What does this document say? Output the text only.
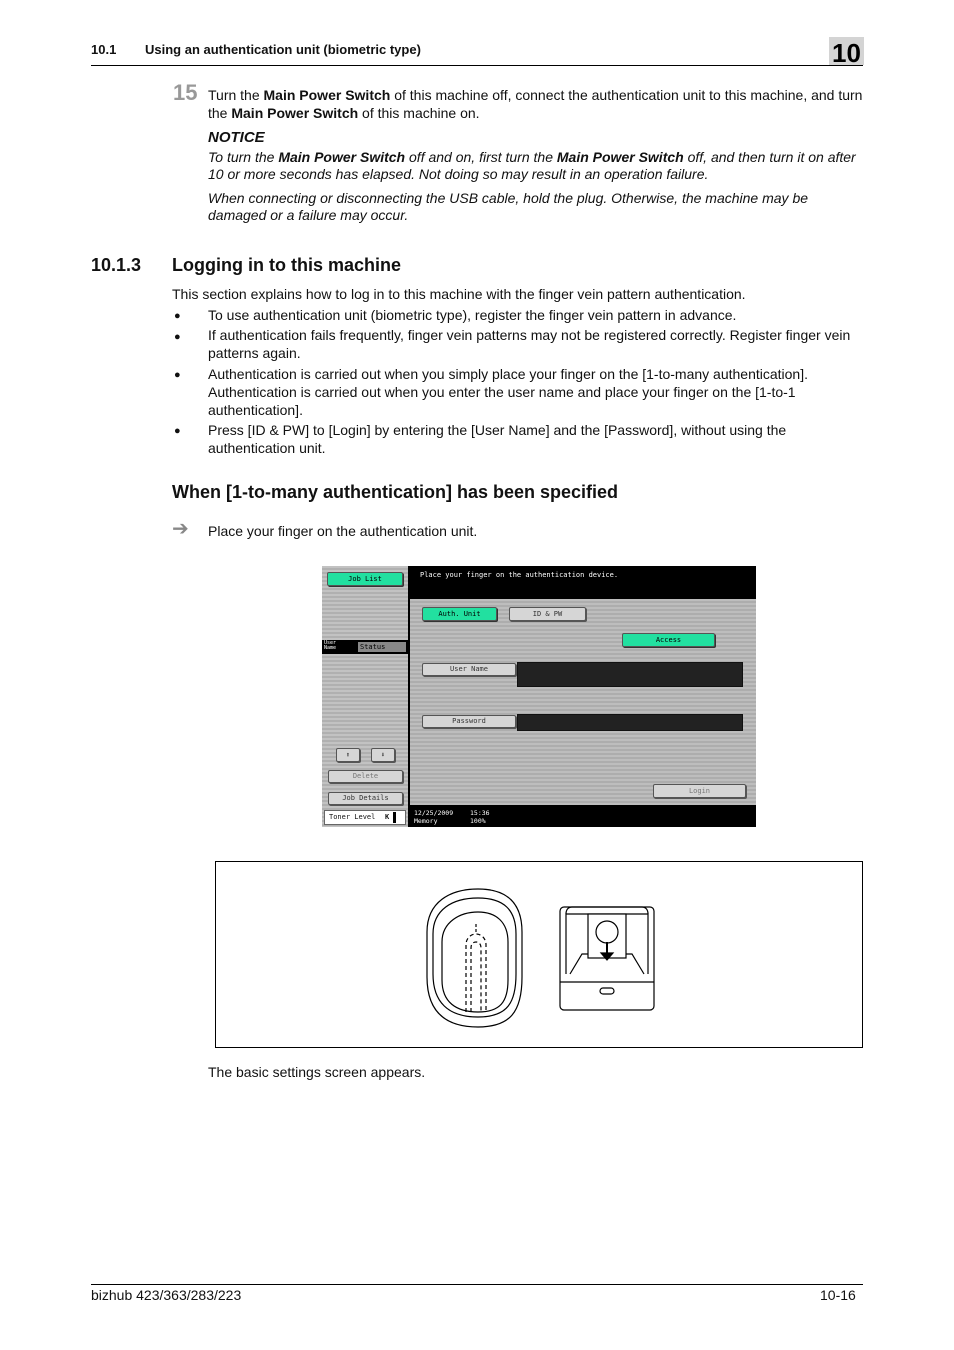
10.1 Using an authentication unit (biometric type)	10
15 Turn the Main Power Switch of this machine off, connect the authentication unit to this machine, and turn the Main Power Switch of this machine on.
NOTICE
To turn the Main Power Switch off and on, first turn the Main Power Switch off, and then turn it on after 10 or more seconds has elapsed. Not doing so may result in an operation failure.
When connecting or disconnecting the USB cable, hold the plug. Otherwise, the machine may be damaged or a failure may occur.
10.1.3 Logging in to this machine
This section explains how to log in to this machine with the finger vein pattern authentication.
● To use authentication unit (biometric type), register the finger vein pattern in advance.
● If authentication fails frequently, finger vein patterns may not be registered correctly. Register finger vein patterns again.
● Authentication is carried out when you simply place your finger on the [1-to-many authentication]. Authentication is carried out when you enter the user name and place your finger on the [1-to-1 authentication].
● Press [ID & PW] to [Login] by entering the [User Name] and the [Password], without using the authentication unit.
When [1-to-many authentication] has been specified
➔ Place your finger on the authentication unit.
Job List
User Name	Status
⬆	⬇
Delete
Job Details
Toner Level K
Place your finger on the authentication device.
Auth. Unit	ID & PW
Access
User Name
Password
Login
12/25/2009	15:36
Memory	100%
The basic settings screen appears.
bizhub 423/363/283/223	10-16
